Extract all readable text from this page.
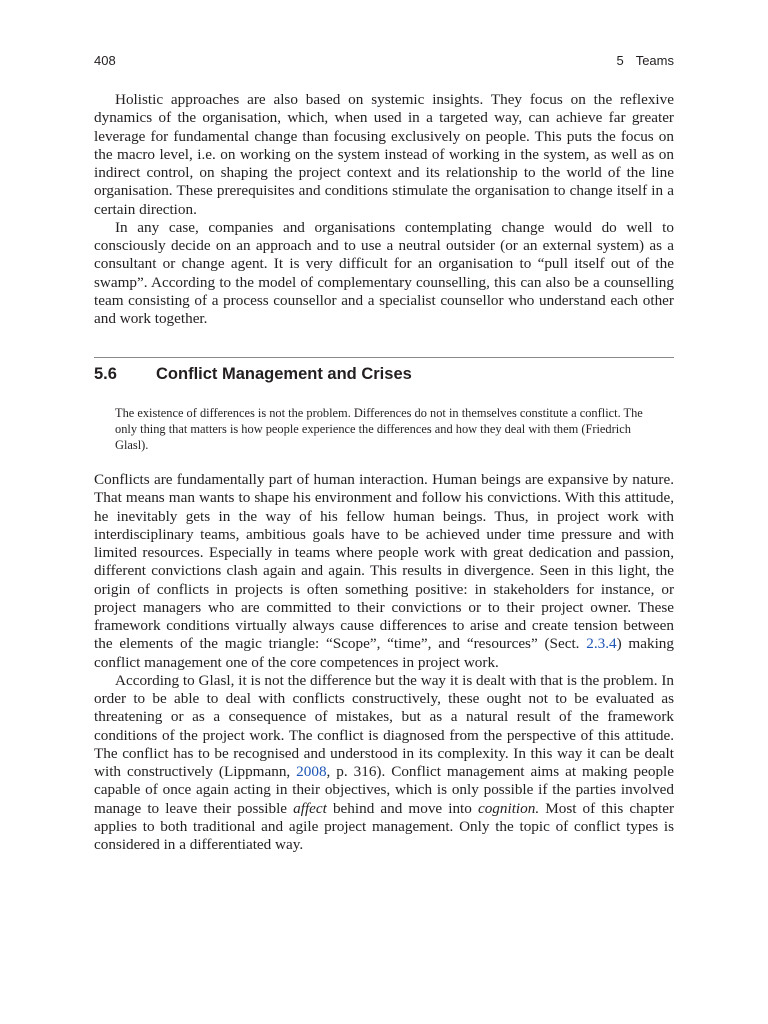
408	5 Teams

Holistic approaches are also based on systemic insights. They focus on the reflexive dynamics of the organisation, which, when used in a targeted way, can achieve far greater leverage for fundamental change than focusing exclusively on people. This puts the focus on the macro level, i.e. on working on the system instead of working in the system, as well as on indirect control, on shaping the project context and its relationship to the world of the line organisation. These prerequisites and conditions stimulate the organisation to change itself in a certain direction.

In any case, companies and organisations contemplating change would do well to consciously decide on an approach and to use a neutral outsider (or an external system) as a consultant or change agent. It is very difficult for an organisation to “pull itself out of the swamp”. According to the model of complementary counselling, this can also be a counselling team consisting of a process counsellor and a specialist counsellor who understand each other and work together.

5.6 Conflict Management and Crises
The existence of differences is not the problem. Differences do not in themselves constitute a conflict. The only thing that matters is how people experience the differences and how they deal with them (Friedrich Glasl).

Conflicts are fundamentally part of human interaction. Human beings are expansive by nature. That means man wants to shape his environment and follow his convictions. With this attitude, he inevitably gets in the way of his fellow human beings. Thus, in project work with interdisciplinary teams, ambitious goals have to be achieved under time pressure and with limited resources. Especially in teams where people work with great dedication and passion, different convictions clash again and again. This results in divergence. Seen in this light, the origin of conflicts in projects is often something positive: in stakeholders for instance, or project managers who are committed to their convictions or to their project owner. These framework conditions virtually always cause differences to arise and create tension between the elements of the magic triangle: “Scope”, “time”, and “resources” (Sect. 2.3.4) making conflict management one of the core competences in project work.

According to Glasl, it is not the difference but the way it is dealt with that is the problem. In order to be able to deal with conflicts constructively, these ought not to be evaluated as threatening or as a consequence of mistakes, but as a natural result of the framework conditions of the project work. The conflict is diagnosed from the perspective of this attitude. The conflict has to be recognised and understood in its complexity. In this way it can be dealt with constructively (Lippmann, 2008, p. 316). Conflict management aims at making people capable of once again acting in their objectives, which is only possible if the parties involved manage to leave their possible affect behind and move into cognition. Most of this chapter applies to both traditional and agile project management. Only the topic of conflict types is considered in a differentiated way.
